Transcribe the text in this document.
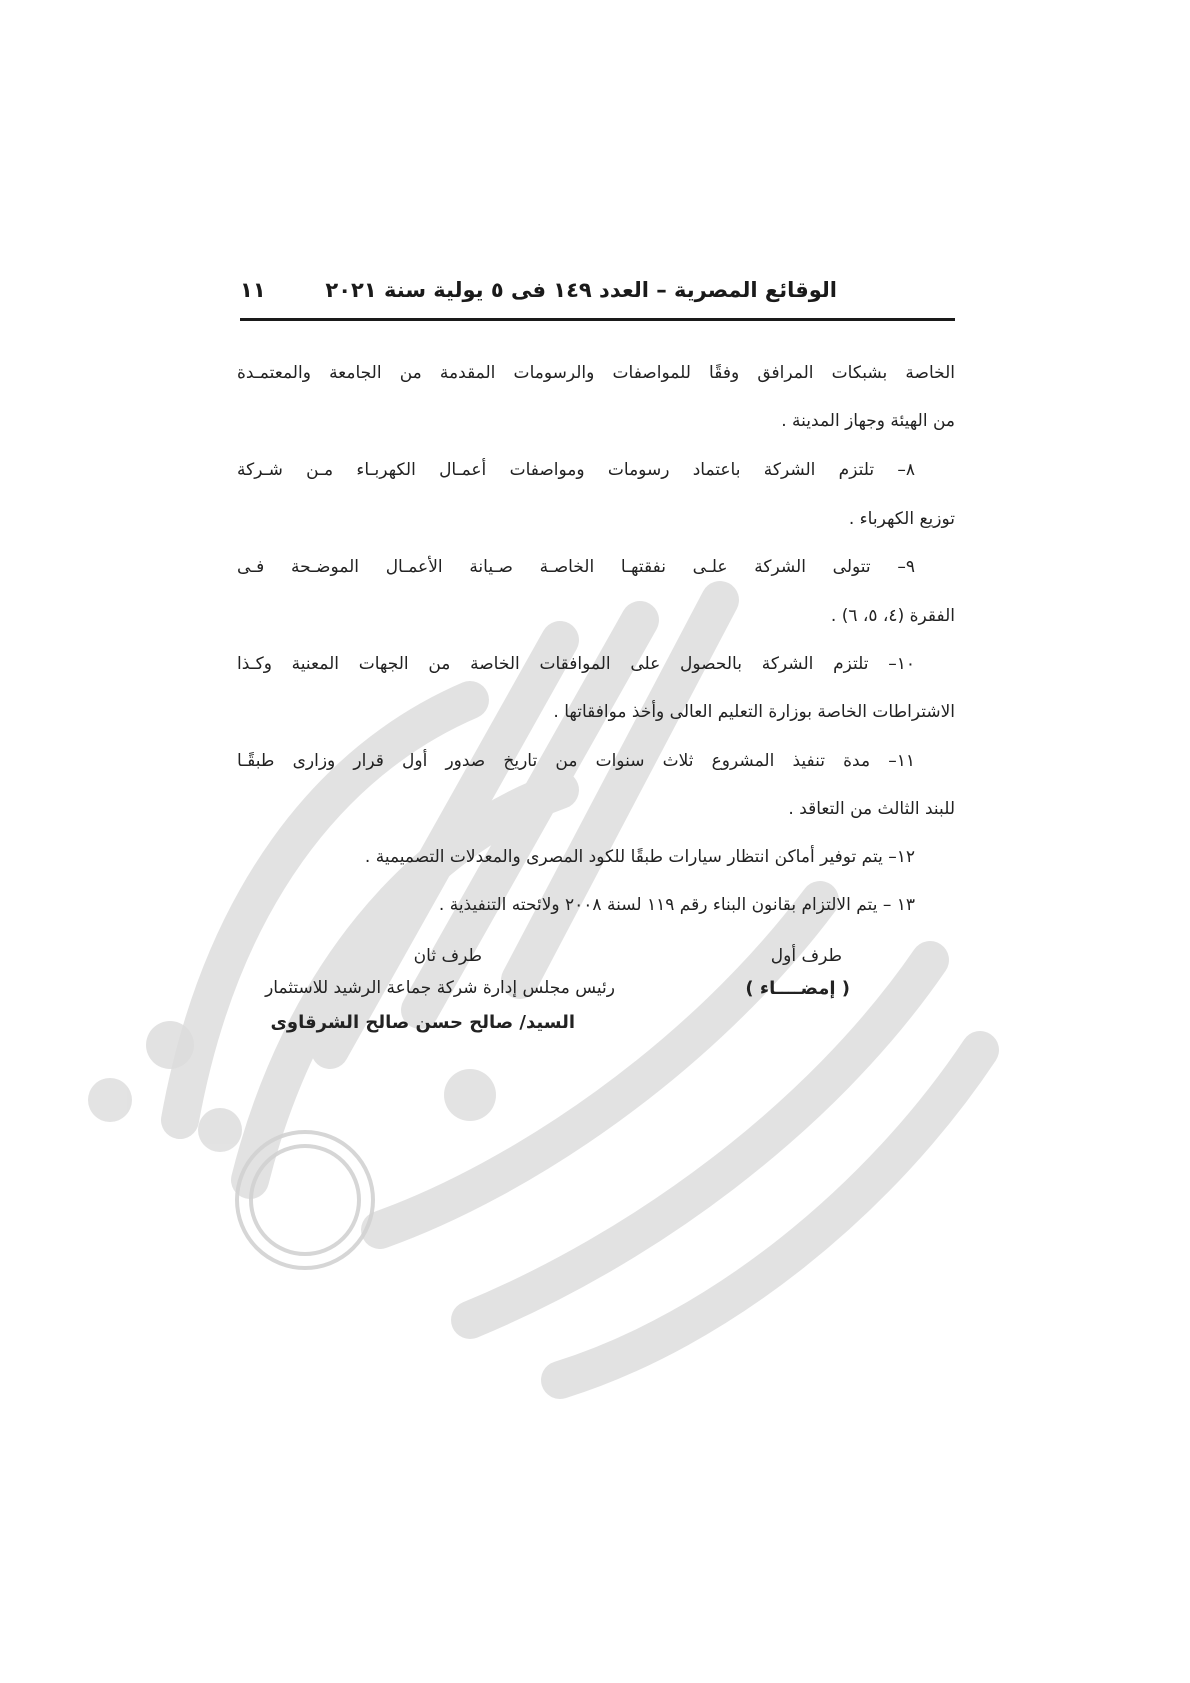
الوقائع المصرية – العدد ١٤٩ فى ٥ يولية سنة ٢٠٢١
١١
الخاصة بشبكات المرافق وفقًا للمواصفات والرسومات المقدمة من الجامعة والمعتمـدة
من الهيئة وجهاز المدينة .
٨– تلتزم الشركة باعتماد رسومات ومواصفات أعمـال الكهربـاء مـن شـركة
توزيع الكهرباء .
٩– تتولى الشركة علـى نفقتهـا الخاصـة صـيانة الأعمـال الموضـحة فـى
الفقرة (٤، ٥، ٦) .
١٠– تلتزم الشركة بالحصول على الموافقات الخاصة من الجهات المعنية وكـذا
الاشتراطات الخاصة بوزارة التعليم العالى وأخذ موافقاتها .
١١– مدة تنفيذ المشروع ثلاث سنوات من تاريخ صدور أول قرار وزارى طبقًـا
للبند الثالث من التعاقد .
١٢– يتم توفير أماكن انتظار سيارات طبقًا للكود المصرى والمعدلات التصميمية .
١٣ – يتم الالتزام بقانون البناء رقم ١١٩ لسنة ٢٠٠٨ ولائحته التنفيذية .
طرف أول
( إمضــــاء )
طرف ثان
رئيس مجلس إدارة شركة جماعة الرشيد للاستثمار
السيد/ صالح حسن صالح الشرقاوى
